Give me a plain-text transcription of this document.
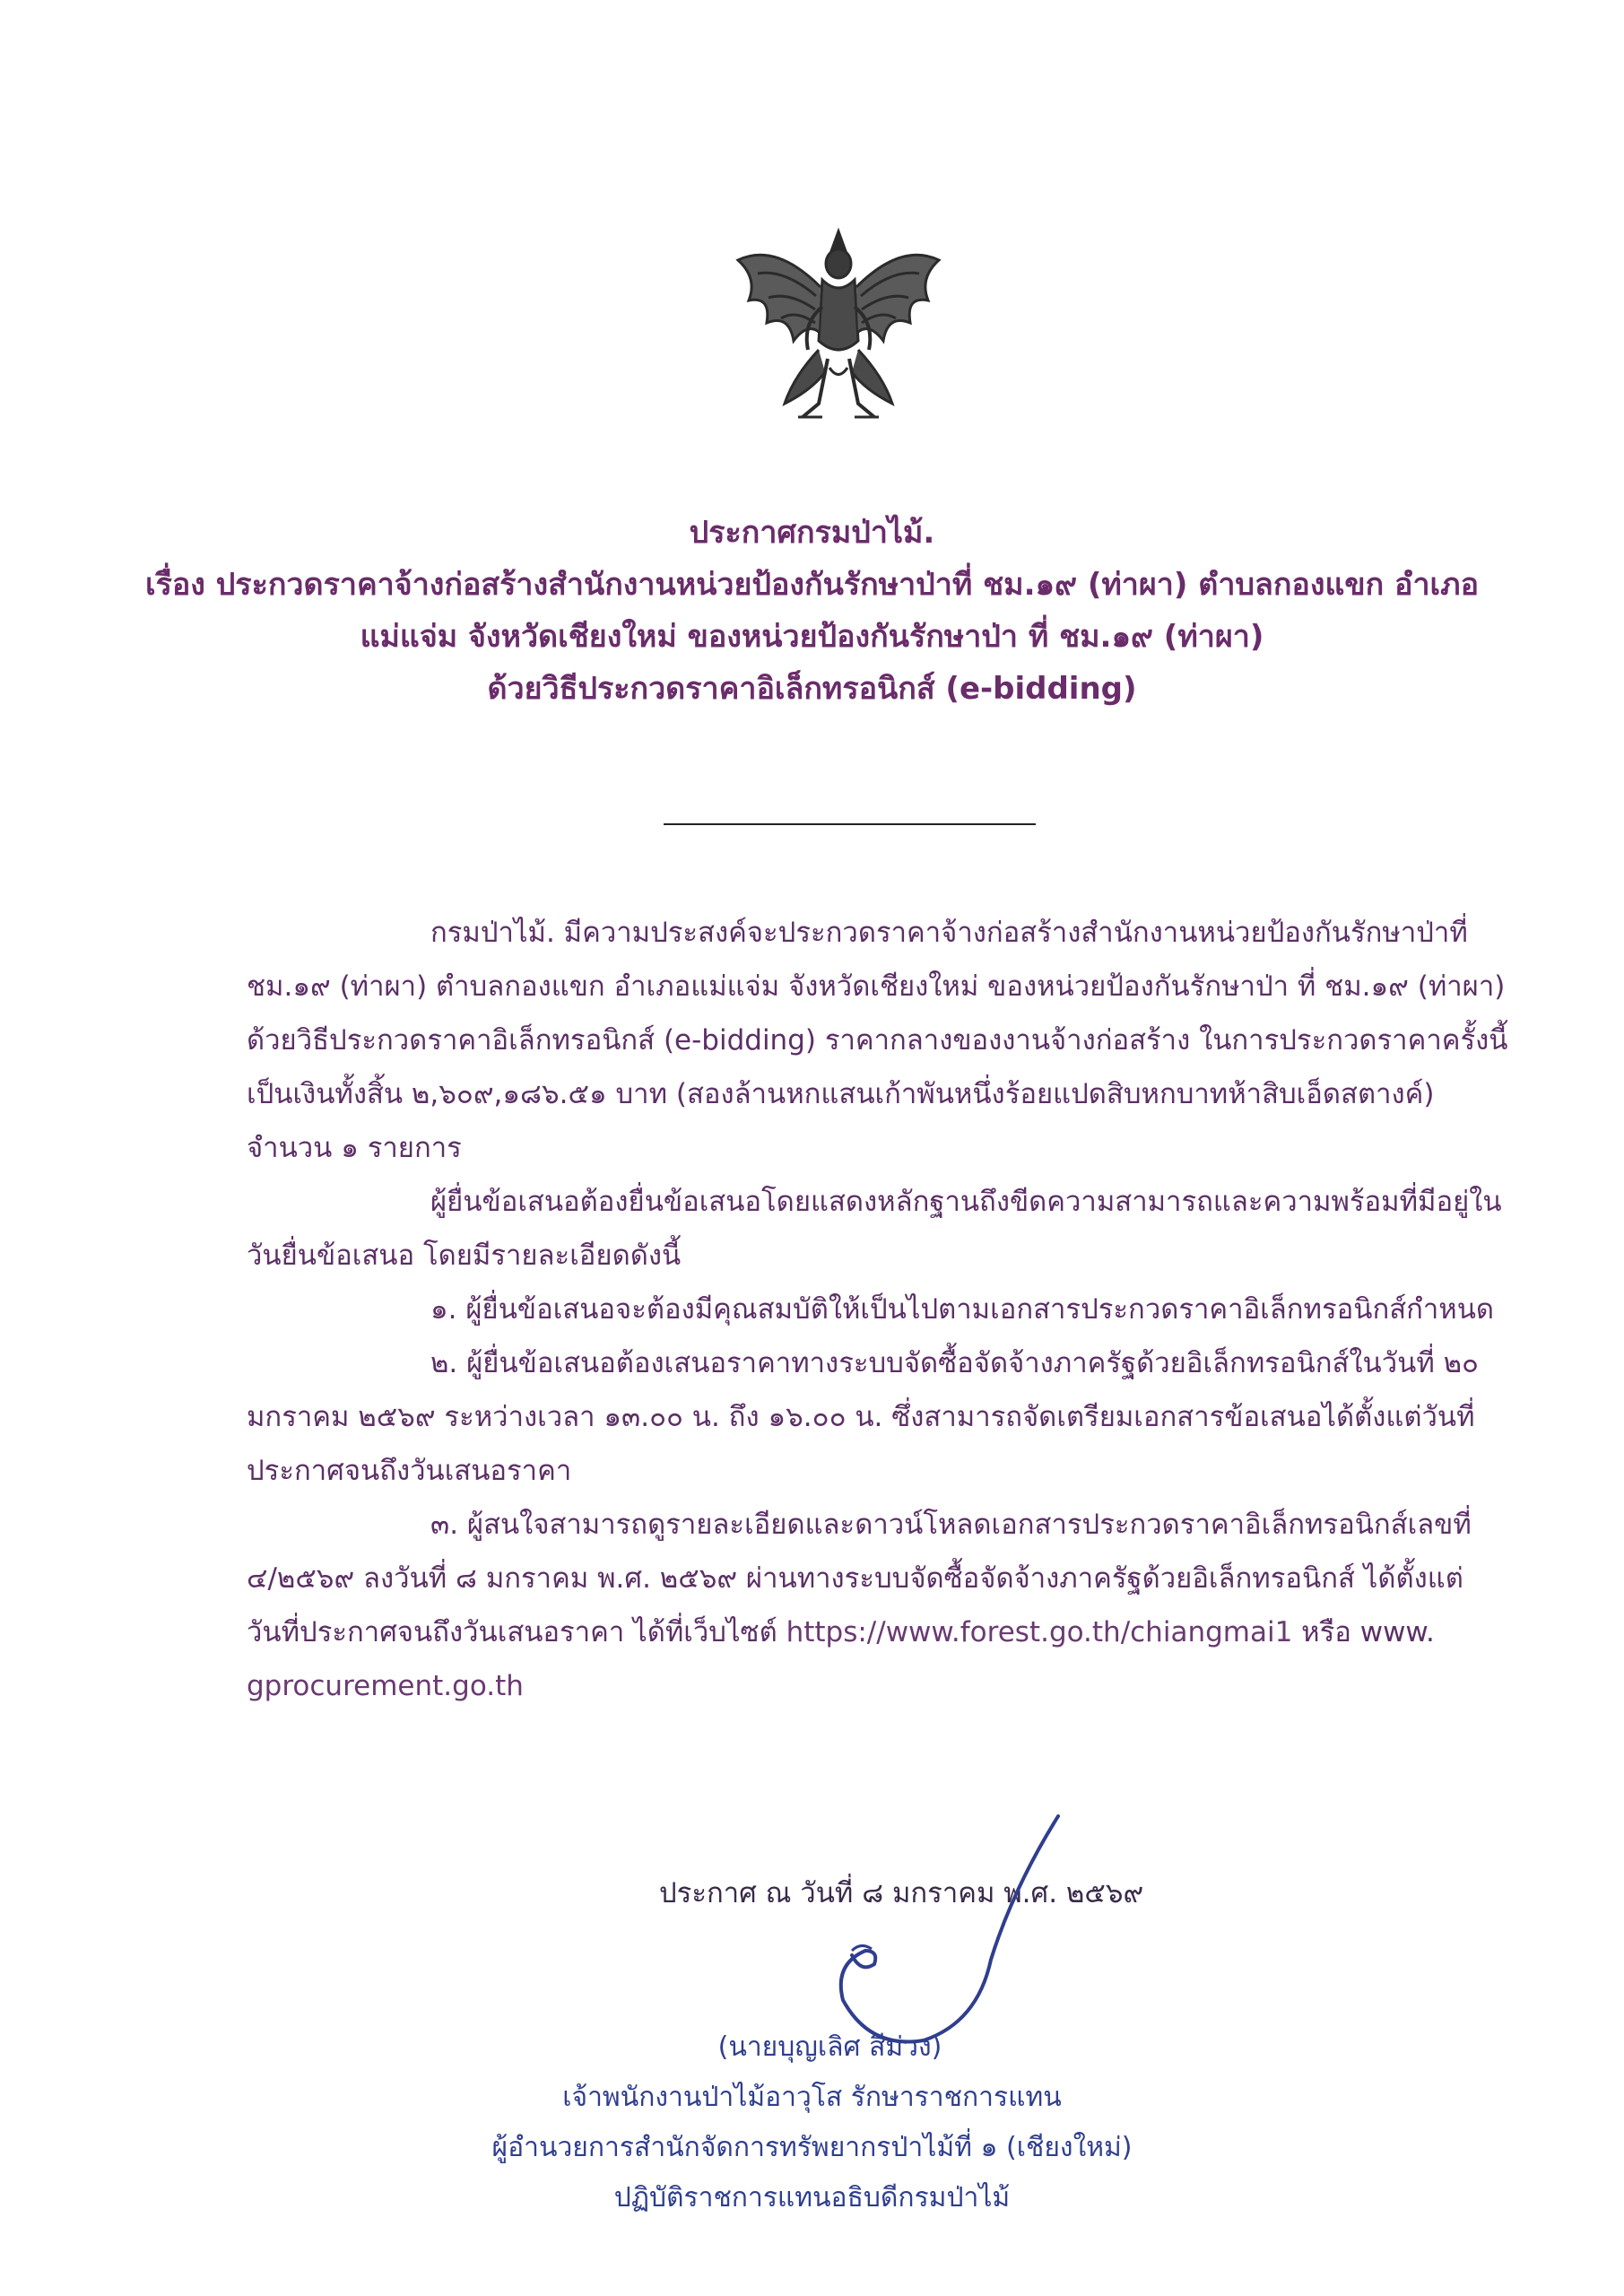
ประกาศกรมป่าไม้.
เรื่อง ประกวดราคาจ้างก่อสร้างสำนักงานหน่วยป้องกันรักษาป่าที่ ชม.๑๙ (ท่าผา) ตำบลกองแขก อำเภอ
แม่แจ่ม จังหวัดเชียงใหม่ ของหน่วยป้องกันรักษาป่า ที่ ชม.๑๙ (ท่าผา)
ด้วยวิธีประกวดราคาอิเล็กทรอนิกส์ (e-bidding)

กรมป่าไม้. มีความประสงค์จะประกวดราคาจ้างก่อสร้างสำนักงานหน่วยป้องกันรักษาป่าที่

ชม.๑๙ (ท่าผา) ตำบลกองแขก อำเภอแม่แจ่ม จังหวัดเชียงใหม่ ของหน่วยป้องกันรักษาป่า ที่ ชม.๑๙ (ท่าผา)

ด้วยวิธีประกวดราคาอิเล็กทรอนิกส์ (e-bidding) ราคากลางของงานจ้างก่อสร้าง ในการประกวดราคาครั้งนี้

เป็นเงินทั้งสิ้น ๒,๖๐๙,๑๘๖.๕๑ บาท (สองล้านหกแสนเก้าพันหนึ่งร้อยแปดสิบหกบาทห้าสิบเอ็ดสตางค์)

จำนวน ๑ รายการ

ผู้ยื่นข้อเสนอต้องยื่นข้อเสนอโดยแสดงหลักฐานถึงขีดความสามารถและความพร้อมที่มีอยู่ใน

วันยื่นข้อเสนอ โดยมีรายละเอียดดังนี้

๑. ผู้ยื่นข้อเสนอจะต้องมีคุณสมบัติให้เป็นไปตามเอกสารประกวดราคาอิเล็กทรอนิกส์กำหนด

๒. ผู้ยื่นข้อเสนอต้องเสนอราคาทางระบบจัดซื้อจัดจ้างภาครัฐด้วยอิเล็กทรอนิกส์ในวันที่ ๒๐

มกราคม ๒๕๖๙ ระหว่างเวลา ๑๓.๐๐ น. ถึง ๑๖.๐๐ น. ซึ่งสามารถจัดเตรียมเอกสารข้อเสนอได้ตั้งแต่วันที่

ประกาศจนถึงวันเสนอราคา

๓. ผู้สนใจสามารถดูรายละเอียดและดาวน์โหลดเอกสารประกวดราคาอิเล็กทรอนิกส์เลขที่

๔/๒๕๖๙ ลงวันที่ ๘ มกราคม พ.ศ. ๒๕๖๙ ผ่านทางระบบจัดซื้อจัดจ้างภาครัฐด้วยอิเล็กทรอนิกส์ ได้ตั้งแต่

วันที่ประกาศจนถึงวันเสนอราคา ได้ที่เว็บไซต์ https://www.forest.go.th/chiangmai1 หรือ www.

gprocurement.go.th

ประกาศ ณ วันที่ ๘ มกราคม พ.ศ. ๒๕๖๙
(นายบุญเลิศ สีม่วง)
เจ้าพนักงานป่าไม้อาวุโส รักษาราชการแทน
ผู้อำนวยการสำนักจัดการทรัพยากรป่าไม้ที่ ๑ (เชียงใหม่)
ปฏิบัติราชการแทนอธิบดีกรมป่าไม้
